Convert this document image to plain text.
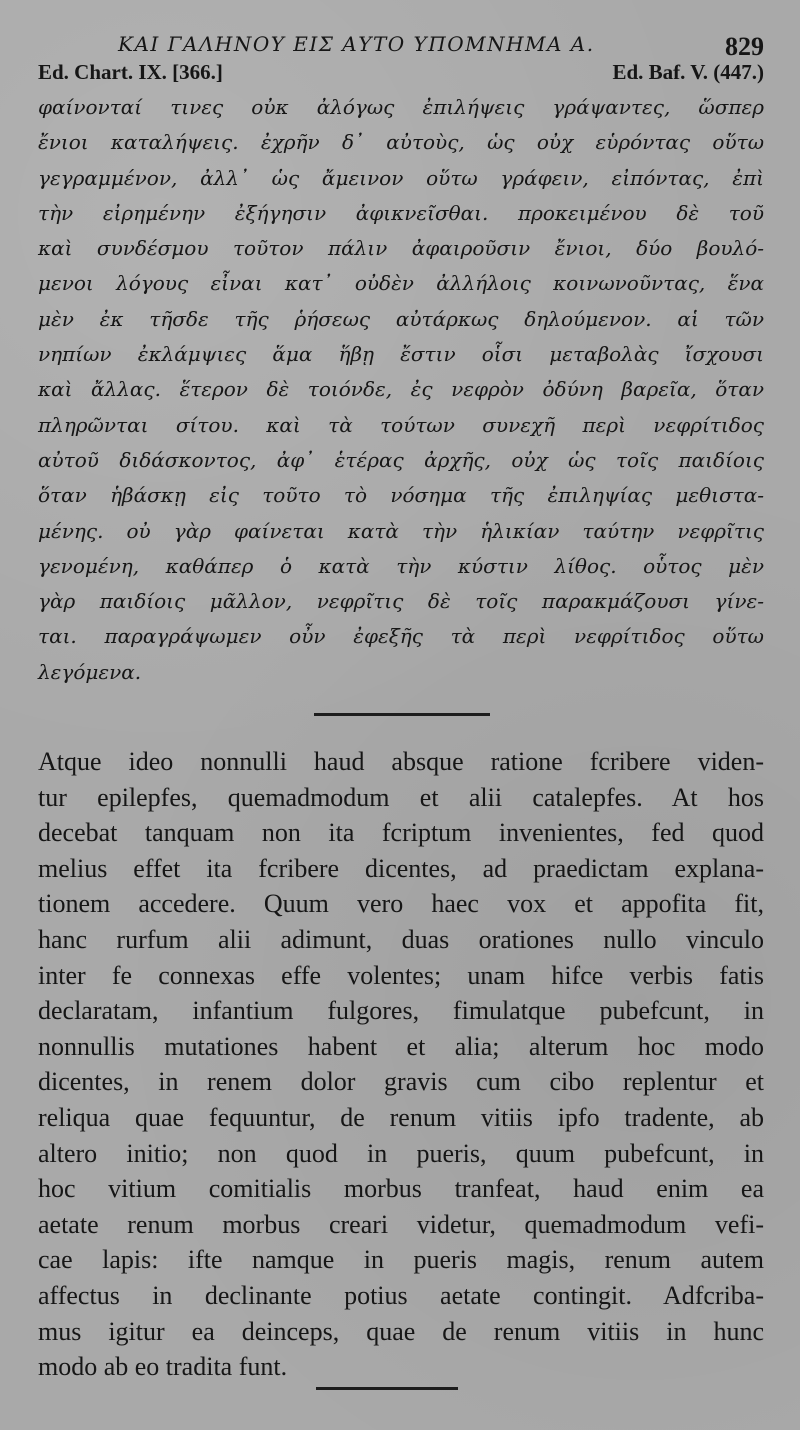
ΚΑΙ ΓΑΛΗΝΟΥ ΕΙΣ ΑΥΤΟ ΥΠΟΜΝΗΜΑ Α.	829
Ed. Chart. IX. [366.]	Ed. Baf. V. (447.)
φαίνονταί τινες οὐκ ἀλόγως ἐπιλήψεις γράψαντες, ὥσπερ
ἔνιοι καταλήψεις. ἐχρῆν δ᾽ αὐτοὺς, ὡς οὐχ εὑρόντας οὕτω
γεγραμμένον, ἀλλ᾽ ὡς ἄμεινον οὕτω γράφειν, εἰπόντας, ἐπὶ
τὴν εἰρημένην ἐξήγησιν ἀφικνεῖσθαι. προκειμένου δὲ τοῦ
καὶ συνδέσμου τοῦτον πάλιν ἀφαιροῦσιν ἔνιοι, δύο βουλό-
μενοι λόγους εἶναι κατ᾽ οὐδὲν ἀλλήλοις κοινωνοῦντας, ἕνα
μὲν ἐκ τῆσδε τῆς ῥήσεως αὐτάρκως δηλούμενον. αἱ τῶν
νηπίων ἐκλάμψιες ἅμα ἥβῃ ἔστιν οἷσι μεταβολὰς ἴσχουσι
καὶ ἄλλας. ἕτερον δὲ τοιόνδε, ἐς νεφρὸν ὀδύνη βαρεῖα, ὅταν
πληρῶνται σίτου. καὶ τὰ τούτων συνεχῆ περὶ νεφρίτιδος
αὐτοῦ διδάσκοντος, ἀφ᾽ ἑτέρας ἀρχῆς, οὐχ ὡς τοῖς παιδίοις
ὅταν ἡβάσκῃ εἰς τοῦτο τὸ νόσημα τῆς ἐπιληψίας μεθιστα-
μένης. οὐ γὰρ φαίνεται κατὰ τὴν ἡλικίαν ταύτην νεφρῖτις
γενομένη, καθάπερ ὁ κατὰ τὴν κύστιν λίθος. οὗτος μὲν
γὰρ παιδίοις μᾶλλον, νεφρῖτις δὲ τοῖς παρακμάζουσι γίνε-
ται. παραγράψωμεν οὖν ἐφεξῆς τὰ περὶ νεφρίτιδος οὕτω
λεγόμενα.
Atque ideo nonnulli haud absque ratione fcribere viden-
tur epilepfes, quemadmodum et alii catalepfes. At hos
decebat tanquam non ita fcriptum invenientes, fed quod
melius effet ita fcribere dicentes, ad praedictam explana-
tionem accedere. Quum vero haec vox et appofita fit,
hanc rurfum alii adimunt, duas orationes nullo vinculo
inter fe connexas effe volentes; unam hifce verbis fatis
declaratam, infantium fulgores, fimulatque pubefcunt, in
nonnullis mutationes habent et alia; alterum hoc modo
dicentes, in renem dolor gravis cum cibo replentur et
reliqua quae fequuntur, de renum vitiis ipfo tradente, ab
altero initio; non quod in pueris, quum pubefcunt, in
hoc vitium comitialis morbus tranfeat, haud enim ea
aetate renum morbus creari videtur, quemadmodum vefi-
cae lapis: ifte namque in pueris magis, renum autem
affectus in declinante potius aetate contingit. Adfcriba-
mus igitur ea deinceps, quae de renum vitiis in hunc
modo ab eo tradita funt.
